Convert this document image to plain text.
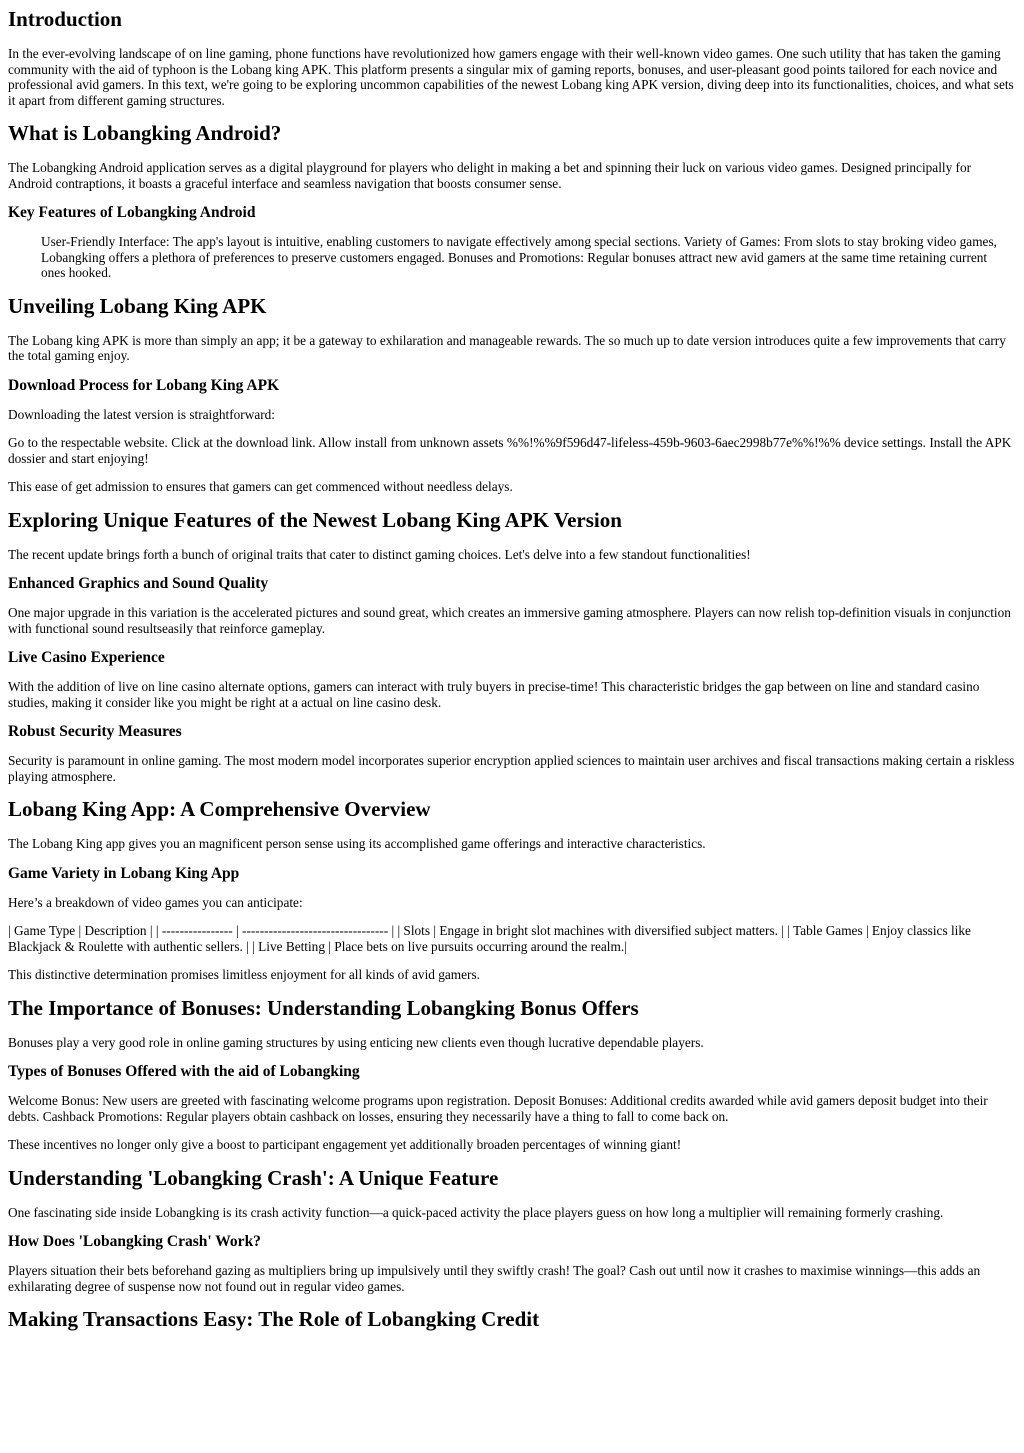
Introduction

In the ever-evolving landscape of on line gaming, phone functions have revolutionized how gamers engage with their well-known video games. One such utility that has taken the gaming community with the aid of typhoon is the Lobang king APK. This platform presents a singular mix of gaming reports, bonuses, and user-pleasant good points tailored for each novice and professional avid gamers. In this text, we're going to be exploring uncommon capabilities of the newest Lobang king APK version, diving deep into its functionalities, choices, and what sets it apart from different gaming structures.

What is Lobangking Android?

The Lobangking Android application serves as a digital playground for players who delight in making a bet and spinning their luck on various video games. Designed principally for Android contraptions, it boasts a graceful interface and seamless navigation that boosts consumer sense.

Key Features of Lobangking Android
User-Friendly Interface: The app's layout is intuitive, enabling customers to navigate effectively among special sections. Variety of Games: From slots to stay broking video games, Lobangking offers a plethora of preferences to preserve customers engaged. Bonuses and Promotions: Regular bonuses attract new avid gamers at the same time retaining current ones hooked.
Unveiling Lobang King APK

The Lobang king APK is more than simply an app; it be a gateway to exhilaration and manageable rewards. The so much up to date version introduces quite a few improvements that carry the total gaming enjoy.

Download Process for Lobang King APK

Downloading the latest version is straightforward:

Go to the respectable website. Click at the download link. Allow install from unknown assets %%!%%9f596d47-lifeless-459b-9603-6aec2998b77e%%!%% device settings. Install the APK dossier and start enjoying!

This ease of get admission to ensures that gamers can get commenced without needless delays.

Exploring Unique Features of the Newest Lobang King APK Version

The recent update brings forth a bunch of original traits that cater to distinct gaming choices. Let's delve into a few standout functionalities!

Enhanced Graphics and Sound Quality

One major upgrade in this variation is the accelerated pictures and sound great, which creates an immersive gaming atmosphere. Players can now relish top-definition visuals in conjunction with functional sound resultseasily that reinforce gameplay.

Live Casino Experience

With the addition of live on line casino alternate options, gamers can interact with truly buyers in precise-time! This characteristic bridges the gap between on line and standard casino studies, making it consider like you might be right at a actual on line casino desk.

Robust Security Measures

Security is paramount in online gaming. The most modern model incorporates superior encryption applied sciences to maintain user archives and fiscal transactions making certain a riskless playing atmosphere.

Lobang King App: A Comprehensive Overview

The Lobang King app gives you an magnificent person sense using its accomplished game offerings and interactive characteristics.

Game Variety in Lobang King App

Here’s a breakdown of video games you can anticipate:

| Game Type | Description | | ---------------- | --------------------------------- | | Slots | Engage in bright slot machines with diversified subject matters. | | Table Games | Enjoy classics like Blackjack & Roulette with authentic sellers. | | Live Betting | Place bets on live pursuits occurring around the realm.|

This distinctive determination promises limitless enjoyment for all kinds of avid gamers.

The Importance of Bonuses: Understanding Lobangking Bonus Offers

Bonuses play a very good role in online gaming structures by using enticing new clients even though lucrative dependable players.

Types of Bonuses Offered with the aid of Lobangking

Welcome Bonus: New users are greeted with fascinating welcome programs upon registration. Deposit Bonuses: Additional credits awarded while avid gamers deposit budget into their debts. Cashback Promotions: Regular players obtain cashback on losses, ensuring they necessarily have a thing to fall to come back on.

These incentives no longer only give a boost to participant engagement yet additionally broaden percentages of winning giant!

Understanding 'Lobangking Crash': A Unique Feature

One fascinating side inside Lobangking is its crash activity function—a quick-paced activity the place players guess on how long a multiplier will remaining formerly crashing.

How Does 'Lobangking Crash' Work?

Players situation their bets beforehand gazing as multipliers bring up impulsively until they swiftly crash! The goal? Cash out until now it crashes to maximise winnings—this adds an exhilarating degree of suspense now not found out in regular video games.

Making Transactions Easy: The Role of Lobangking Credit
